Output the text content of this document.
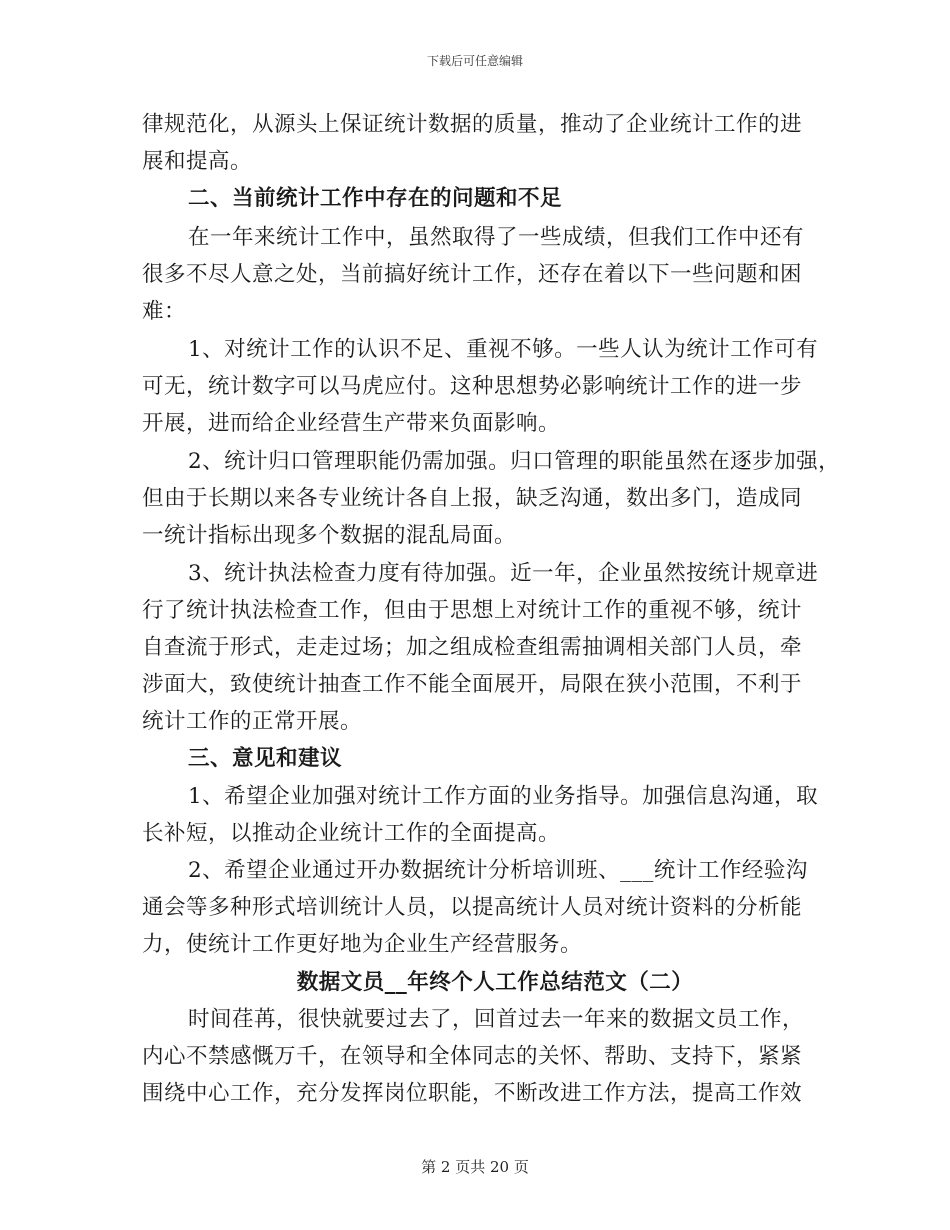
下载后可任意编辑
律规范化，从源头上保证统计数据的质量，推动了企业统计工作的进
展和提高。
二、当前统计工作中存在的问题和不足
在一年来统计工作中，虽然取得了一些成绩，但我们工作中还有
很多不尽人意之处，当前搞好统计工作，还存在着以下一些问题和困
难：
1、对统计工作的认识不足、重视不够。一些人认为统计工作可有
可无，统计数字可以马虎应付。这种思想势必影响统计工作的进一步
开展，进而给企业经营生产带来负面影响。
2、统计归口管理职能仍需加强。归口管理的职能虽然在逐步加强，
但由于长期以来各专业统计各自上报，缺乏沟通，数出多门，造成同
一统计指标出现多个数据的混乱局面。
3、统计执法检查力度有待加强。近一年，企业虽然按统计规章进
行了统计执法检查工作，但由于思想上对统计工作的重视不够，统计
自查流于形式，走走过场；加之组成检查组需抽调相关部门人员，牵
涉面大，致使统计抽查工作不能全面展开，局限在狭小范围，不利于
统计工作的正常开展。
三、意见和建议
1、希望企业加强对统计工作方面的业务指导。加强信息沟通，取
长补短，以推动企业统计工作的全面提高。
2、希望企业通过开办数据统计分析培训班、___统计工作经验沟
通会等多种形式培训统计人员，以提高统计人员对统计资料的分析能
力，使统计工作更好地为企业生产经营服务。
数据文员__年终个人工作总结范文（二）
时间荏苒，很快就要过去了，回首过去一年来的数据文员工作，
内心不禁感慨万千，在领导和全体同志的关怀、帮助、支持下，紧紧
围绕中心工作，充分发挥岗位职能，不断改进工作方法，提高工作效
第 2 页共 20 页
